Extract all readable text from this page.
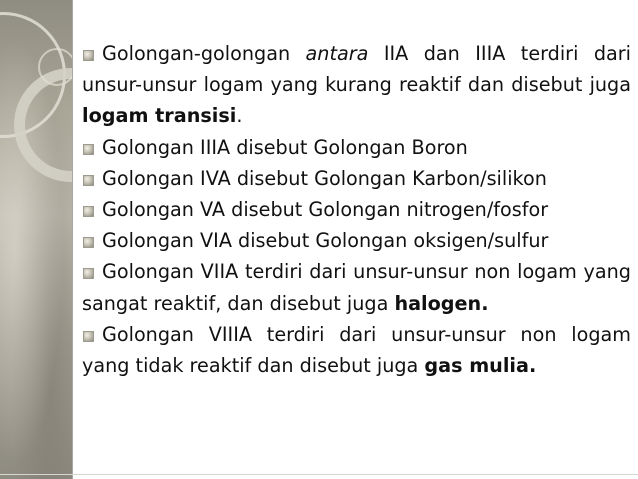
Golongan-golongan antara IIA dan IIIA terdiri dari unsur-unsur logam yang kurang reaktif dan disebut juga logam transisi.

Golongan IIIA disebut Golongan Boron

Golongan IVA disebut Golongan Karbon/silikon

Golongan VA disebut Golongan nitrogen/fosfor

Golongan VIA disebut Golongan oksigen/sulfur

Golongan VIIA terdiri dari unsur-unsur non logam yang sangat reaktif, dan disebut juga halogen.

Golongan VIIIA terdiri dari unsur-unsur non logam yang tidak reaktif dan disebut juga gas mulia.
